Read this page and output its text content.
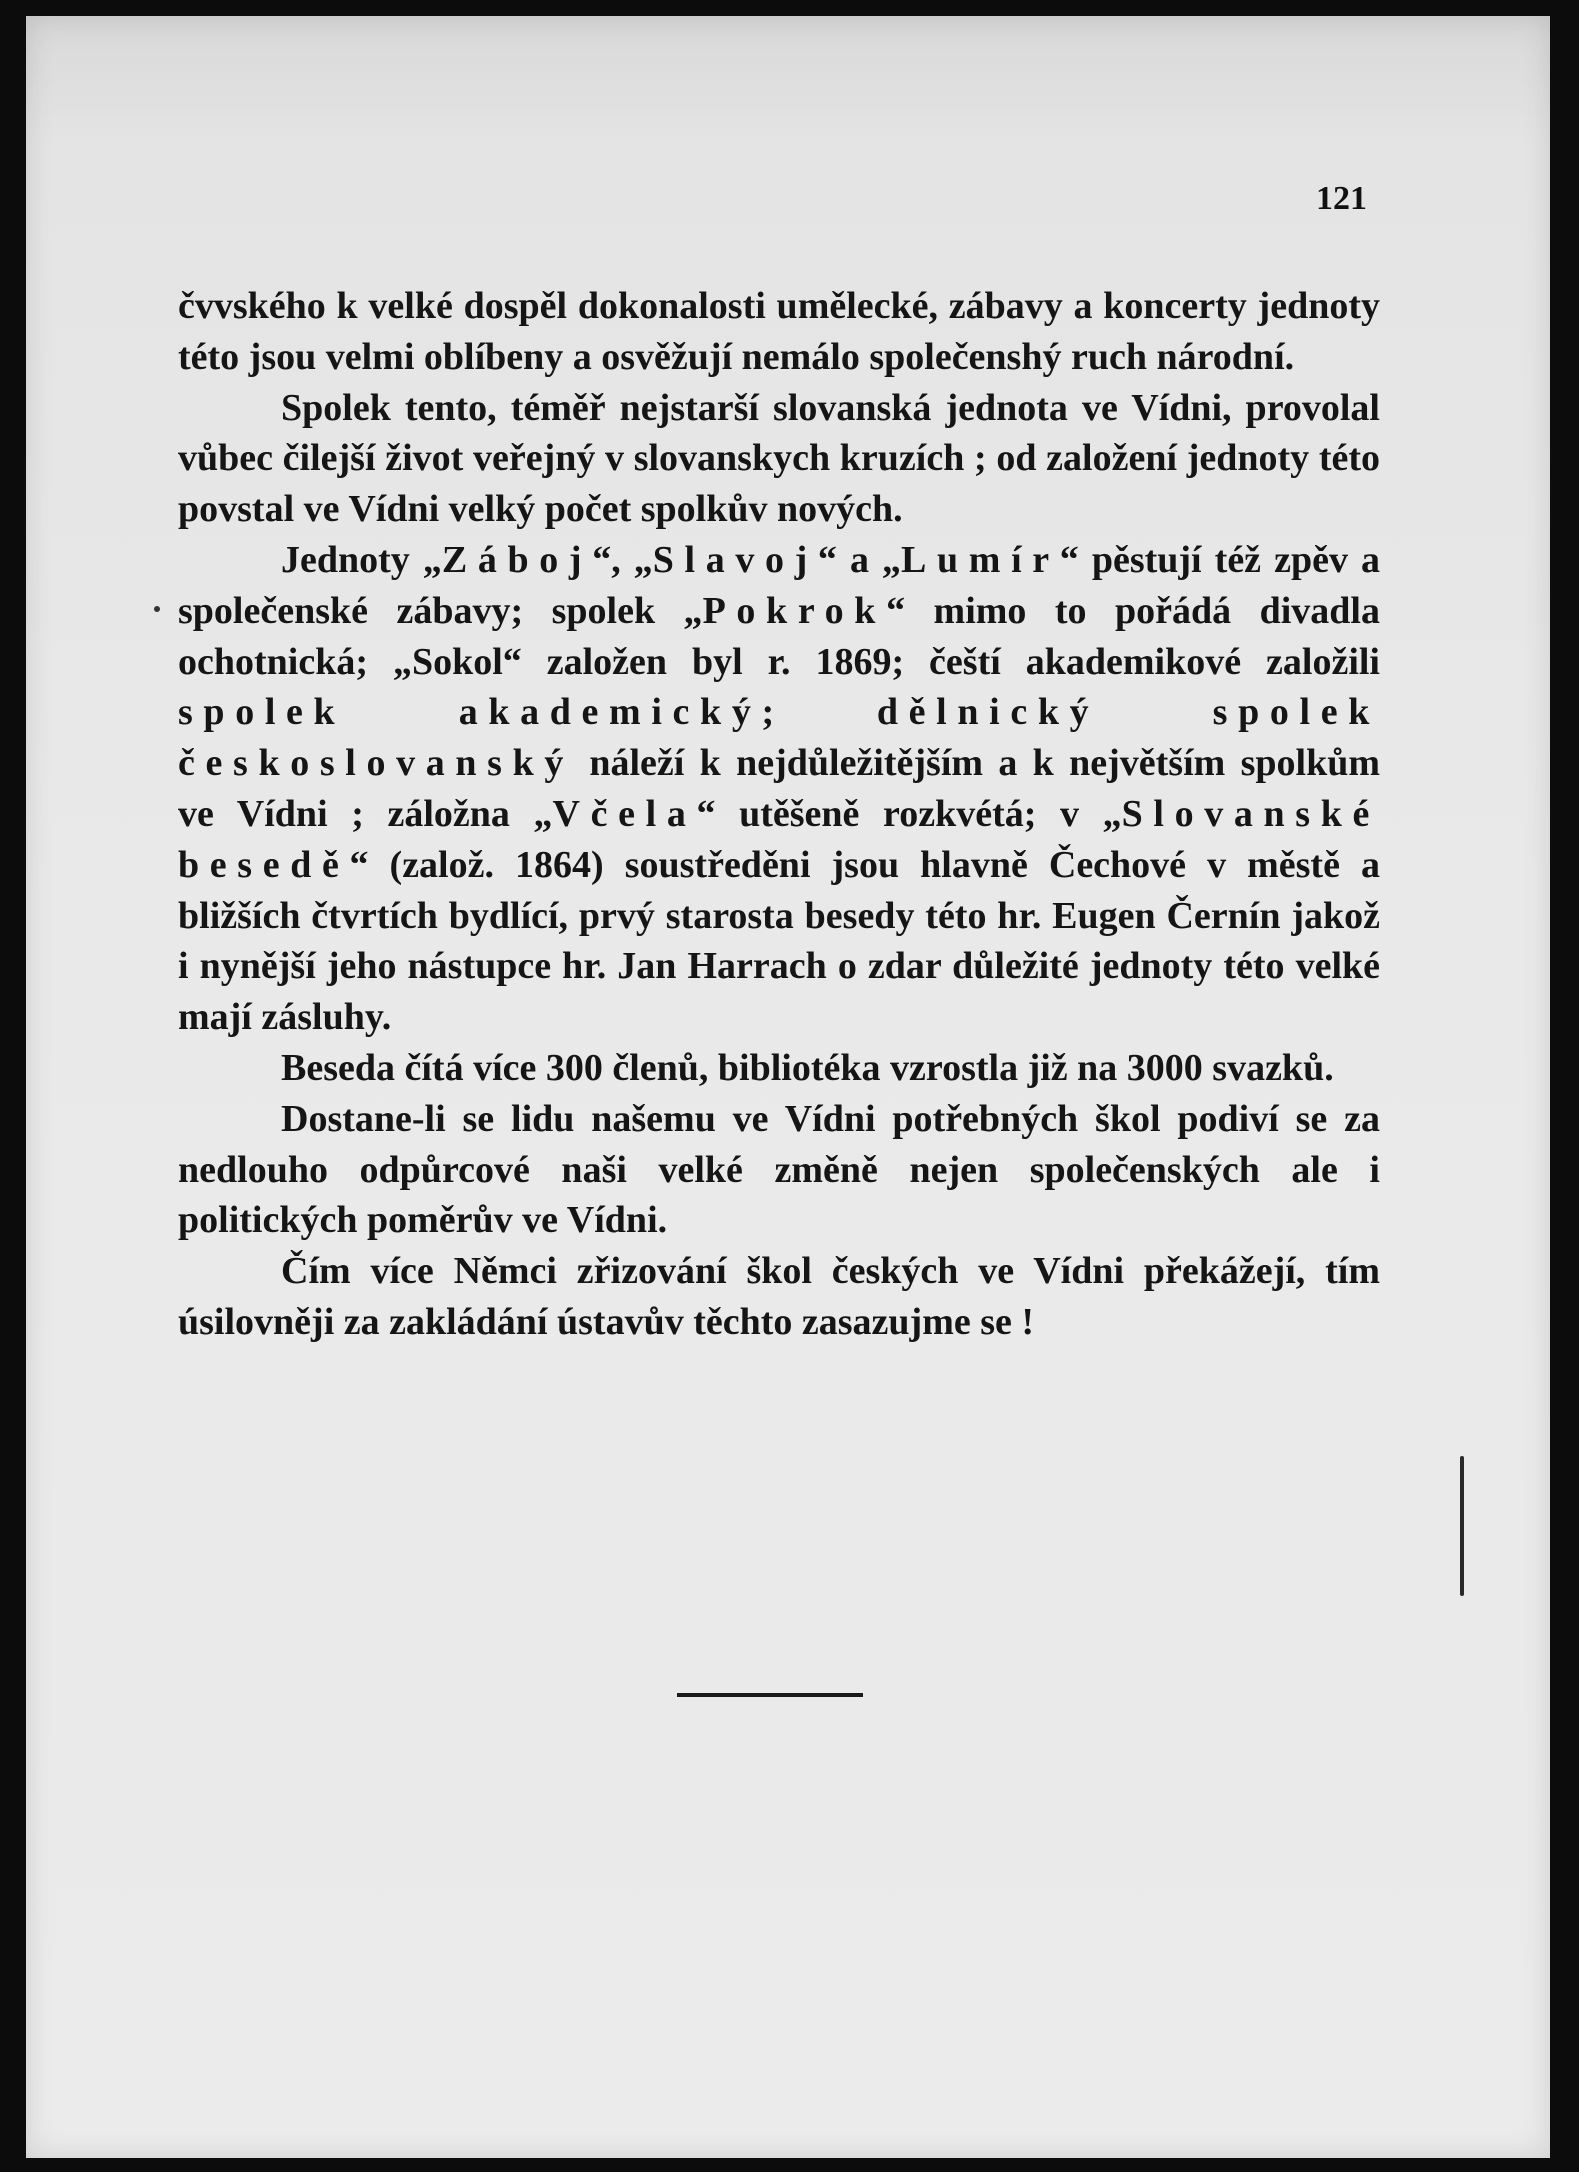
121

čvvského k velké dospěl dokonalosti umělecké, zábavy a koncerty jednoty této jsou velmi oblíbeny a osvěžují nemálo společenshý ruch národní.

Spolek tento, téměř nejstarší slovanská jednota ve Vídni, provolal vůbec čilejší život veřejný v slovanskych kruzích ; od založení jednoty této povstal ve Vídni velký počet spolkův nových.

Jednoty „Záboj“, „Slavoj“ a „Lumír“ pěstují též zpěv a společenské zábavy; spolek „Pokrok“ mimo to pořádá divadla ochotnická; „Sokol“ založen byl r. 1869; čeští akademikové založili spolek akademický; dělnický spolek českoslovanský náleží k nejdůležitějším a k největším spolkům ve Vídni ; záložna „Včela“ utěšeně rozkvétá; v „Slovanské besedě“ (založ. 1864) soustředěni jsou hlavně Čechové v městě a bližších čtvrtích bydlící, prvý starosta besedy této hr. Eugen Černín jakož i nynější jeho nástupce hr. Jan Harrach o zdar důležité jednoty této velké mají zásluhy.

Beseda čítá více 300 členů, bibliotéka vzrostla již na 3000 svazků.

Dostane-li se lidu našemu ve Vídni potřebných škol podiví se za nedlouho odpůrcové naši velké změně nejen společenských ale i politických poměrův ve Vídni.

Čím více Němci zřizování škol českých ve Vídni překážejí, tím úsilovněji za zakládání ústavův těchto zasazujme se !
